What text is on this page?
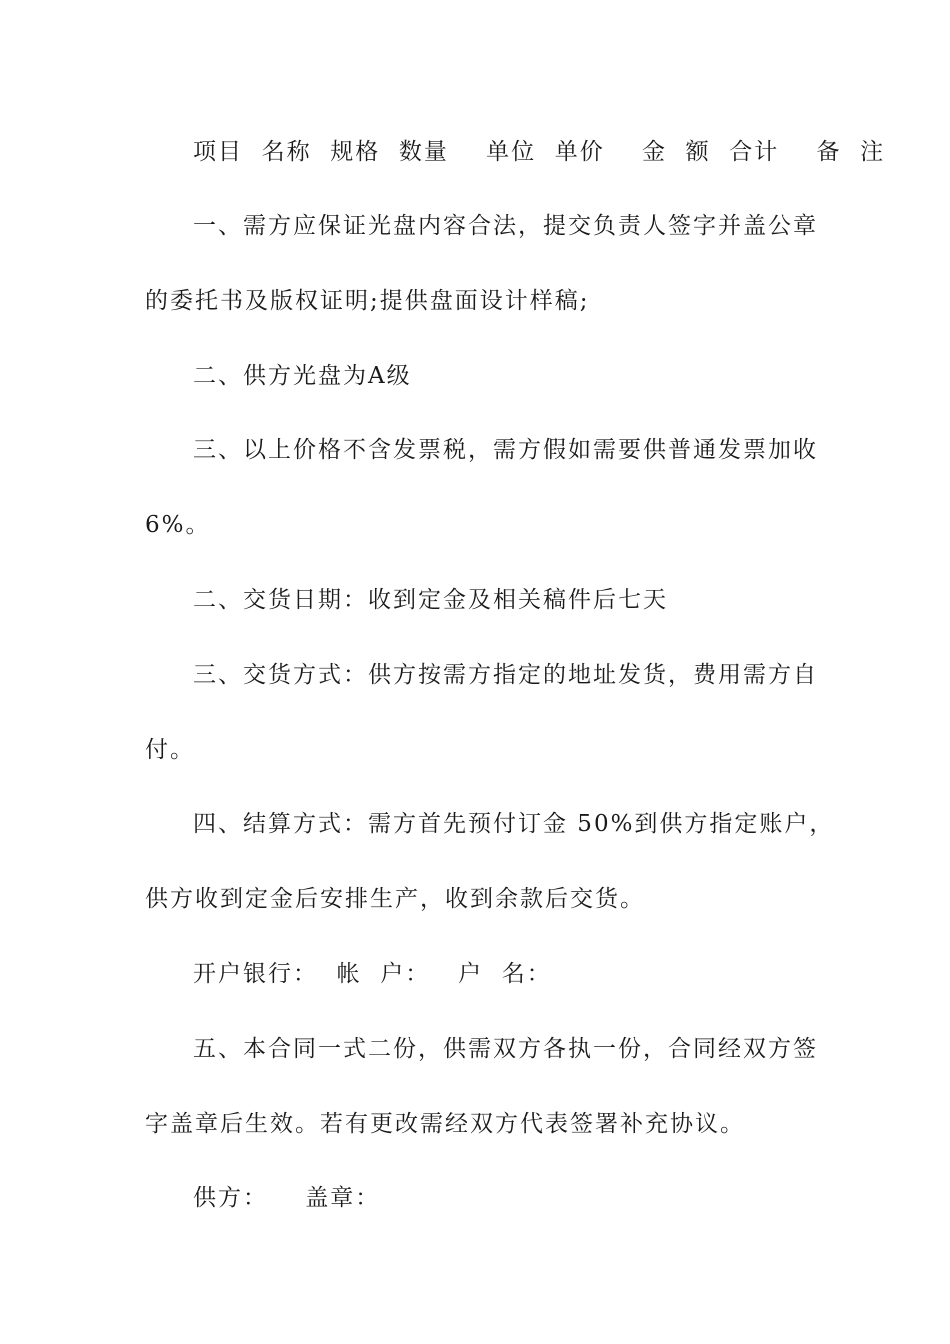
项目  名称  规格  数量    单位  单价    金  额  合计    备  注
一、需方应保证光盘内容合法，提交负责人签字并盖公章
的委托书及版权证明;提供盘面设计样稿;
二、供方光盘为A级
三、以上价格不含发票税，需方假如需要供普通发票加收
6%。
二、交货日期：收到定金及相关稿件后七天
三、交货方式：供方按需方指定的地址发货，费用需方自
付。
四、结算方式：需方首先预付订金 50%到供方指定账户，
供方收到定金后安排生产，收到余款后交货。
开户银行：  帐  户：   户  名：
五、本合同一式二份，供需双方各执一份，合同经双方签
字盖章后生效。若有更改需经双方代表签署补充协议。
供方：    盖章：
